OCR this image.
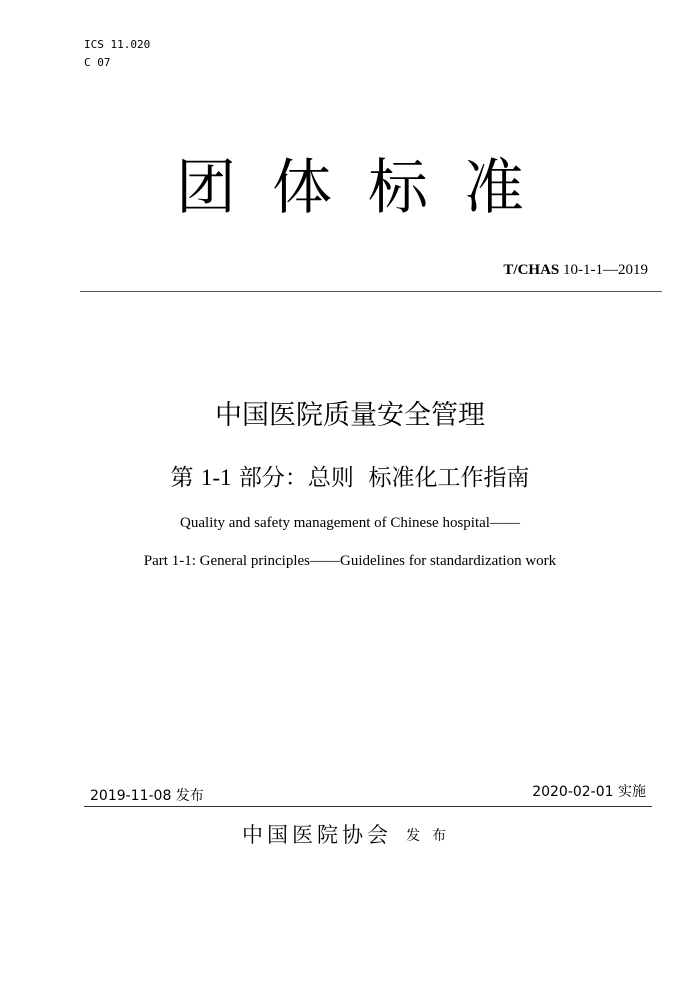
ICS 11.020
C 07
团体标准
T/CHAS 10-1-1—2019
中国医院质量安全管理
第 1-1 部分：总则  标准化工作指南
Quality and safety management of Chinese hospital——
Part 1-1: General principles——Guidelines for standardization work
2019-11-08 发布	2020-02-01 实施
中国医院协会 发布
